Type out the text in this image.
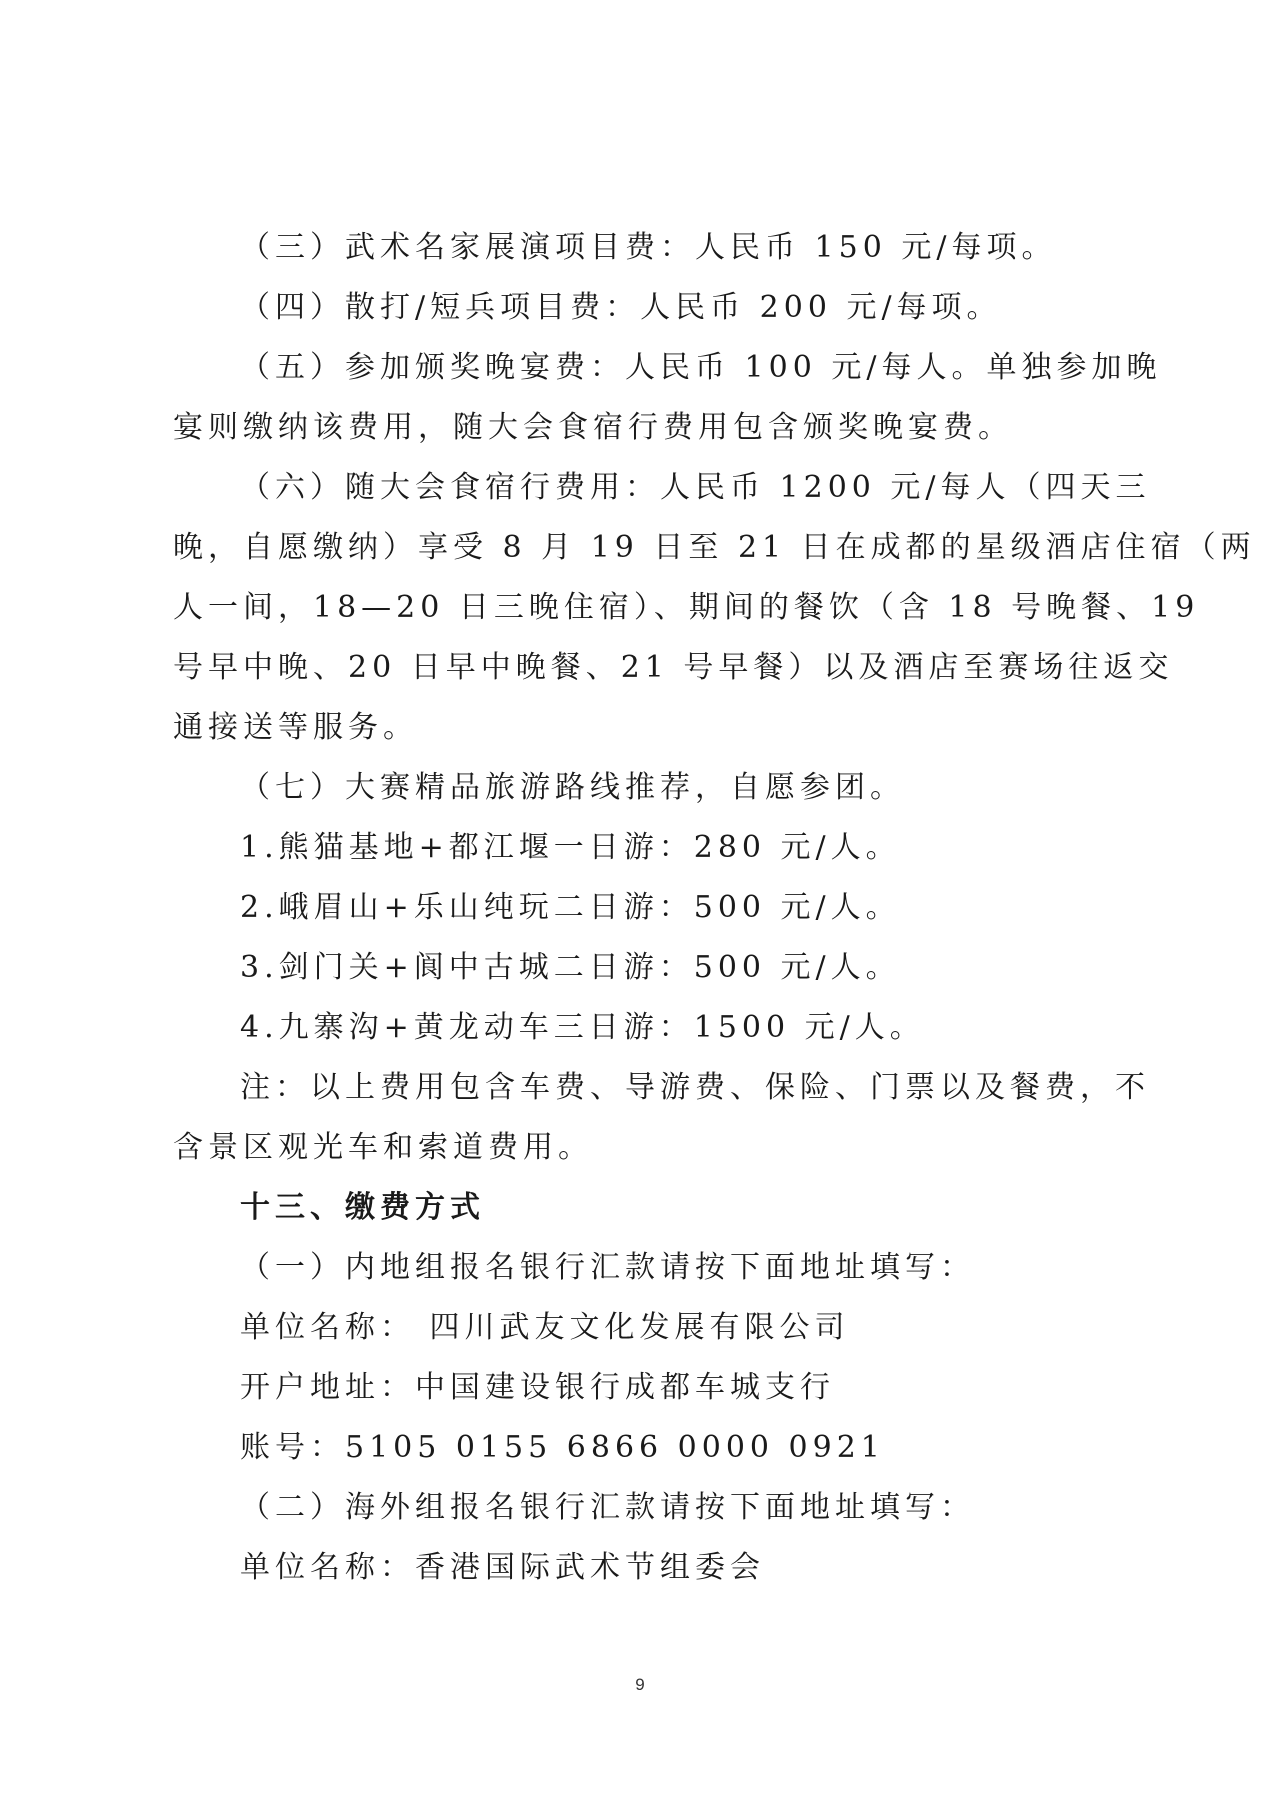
（三）武术名家展演项目费：人民币 150 元/每项。
（四）散打/短兵项目费：人民币 200 元/每项。
（五）参加颁奖晚宴费：人民币 100 元/每人。单独参加晚
宴则缴纳该费用，随大会食宿行费用包含颁奖晚宴费。
（六）随大会食宿行费用：人民币 1200 元/每人（四天三
晚，自愿缴纳）享受 8 月 19 日至 21 日在成都的星级酒店住宿（两
人一间，18—20 日三晚住宿）、期间的餐饮（含 18 号晚餐、19
号早中晚、20 日早中晚餐、21 号早餐）以及酒店至赛场往返交
通接送等服务。
（七）大赛精品旅游路线推荐，自愿参团。
1.熊猫基地+都江堰一日游：280 元/人。
2.峨眉山+乐山纯玩二日游：500 元/人。
3.剑门关+阆中古城二日游：500 元/人。
4.九寨沟+黄龙动车三日游：1500 元/人。
注：以上费用包含车费、导游费、保险、门票以及餐费，不
含景区观光车和索道费用。
十三、缴费方式
（一）内地组报名银行汇款请按下面地址填写：
单位名称： 四川武友文化发展有限公司
开户地址：中国建设银行成都车城支行
账号：5105 0155 6866 0000 0921
（二）海外组报名银行汇款请按下面地址填写：
单位名称：香港国际武术节组委会
9
